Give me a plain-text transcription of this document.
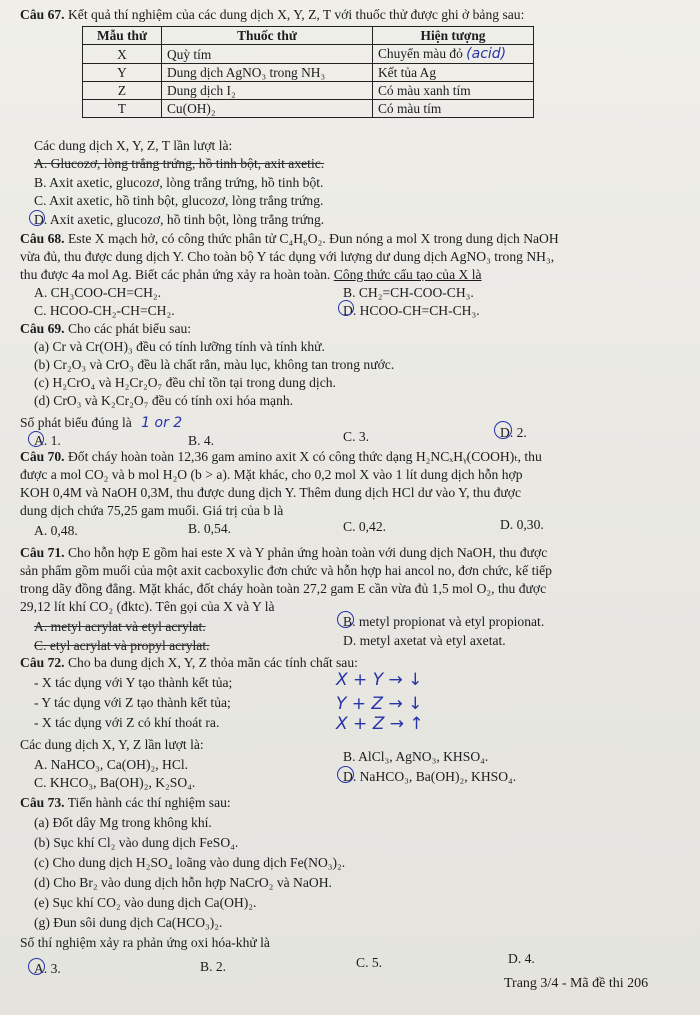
Câu 67. Kết quả thí nghiệm của các dung dịch X, Y, Z, T với thuốc thử được ghi ở bảng sau:
Mẫu thử	Thuốc thử	Hiện tượng
X	Quỳ tím	Chuyển màu đỏ (acid)
Y	Dung dịch AgNO₃ trong NH₃	Kết tủa Ag
Z	Dung dịch I₂	Có màu xanh tím
T	Cu(OH)₂	Có màu tím
Các dung dịch X, Y, Z, T lần lượt là:
A. Glucozơ, lòng trắng trứng, hồ tinh bột, axit axetic.
B. Axit axetic, glucozơ, lòng trắng trứng, hồ tinh bột.
C. Axit axetic, hồ tinh bột, glucozơ, lòng trắng trứng.
D. Axit axetic, glucozơ, hồ tinh bột, lòng trắng trứng.
Câu 68. Este X mạch hở, có công thức phân tử C₄H₆O₂. Đun nóng a mol X trong dung dịch NaOH
vừa đủ, thu được dung dịch Y. Cho toàn bộ Y tác dụng với lượng dư dung dịch AgNO₃ trong NH₃,
thu được 4a mol Ag. Biết các phản ứng xảy ra hoàn toàn. Công thức cấu tạo của X là
A. CH₃COO-CH=CH₂.	B. CH₂=CH-COO-CH₃.
C. HCOO-CH₂-CH=CH₂.	D. HCOO-CH=CH-CH₃.
Câu 69. Cho các phát biểu sau:
(a) Cr và Cr(OH)₃ đều có tính lưỡng tính và tính khử.
(b) Cr₂O₃ và CrO₃ đều là chất rắn, màu lục, không tan trong nước.
(c) H₂CrO₄ và H₂Cr₂O₇ đều chỉ tồn tại trong dung dịch.
(d) CrO₃ và K₂Cr₂O₇ đều có tính oxi hóa mạnh.
Số phát biểu đúng là 1 or 2
A. 1.	B. 4.	C. 3.	D. 2.
Câu 70. Đốt cháy hoàn toàn 12,36 gam amino axit X có công thức dạng H₂NCₓHᵧ(COOH)ₜ, thu
được a mol CO₂ và b mol H₂O (b > a). Mặt khác, cho 0,2 mol X vào 1 lít dung dịch hỗn hợp
KOH 0,4M và NaOH 0,3M, thu được dung dịch Y. Thêm dung dịch HCl dư vào Y, thu được
dung dịch chứa 75,25 gam muối. Giá trị của b là
A. 0,48.	B. 0,54.	C. 0,42.	D. 0,30.
Câu 71. Cho hỗn hợp E gồm hai este X và Y phản ứng hoàn toàn với dung dịch NaOH, thu được
sản phẩm gồm muối của một axit cacboxylic đơn chức và hỗn hợp hai ancol no, đơn chức, kế tiếp
trong dãy đồng đẳng. Mặt khác, đốt cháy hoàn toàn 27,2 gam E cần vừa đủ 1,5 mol O₂, thu được
29,12 lít khí CO₂ (đktc). Tên gọi của X và Y là
A. metyl acrylat và etyl acrylat.	B. metyl propionat và etyl propionat.
C. etyl acrylat và propyl acrylat.	D. metyl axetat và etyl axetat.
Câu 72. Cho ba dung dịch X, Y, Z thỏa mãn các tính chất sau:
- X tác dụng với Y tạo thành kết tủa;	X + Y → ↓
- Y tác dụng với Z tạo thành kết tủa;	Y + Z → ↓
- X tác dụng với Z có khí thoát ra.	X + Z → ↑
Các dung dịch X, Y, Z lần lượt là:
A. NaHCO₃, Ca(OH)₂, HCl.
B. AlCl₃, AgNO₃, KHSO₄.
C. KHCO₃, Ba(OH)₂, K₂SO₄.	D. NaHCO₃, Ba(OH)₂, KHSO₄.
Câu 73. Tiến hành các thí nghiệm sau:
(a) Đốt dây Mg trong không khí.
(b) Sục khí Cl₂ vào dung dịch FeSO₄.
(c) Cho dung dịch H₂SO₄ loãng vào dung dịch Fe(NO₃)₂.
(d) Cho Br₂ vào dung dịch hỗn hợp NaCrO₂ và NaOH.
(e) Sục khí CO₂ vào dung dịch Ca(OH)₂.
(g) Đun sôi dung dịch Ca(HCO₃)₂.
Số thí nghiệm xảy ra phản ứng oxi hóa-khử là
A. 3.	B. 2.	C. 5.	D. 4.
Trang 3/4 - Mã đề thi 206
